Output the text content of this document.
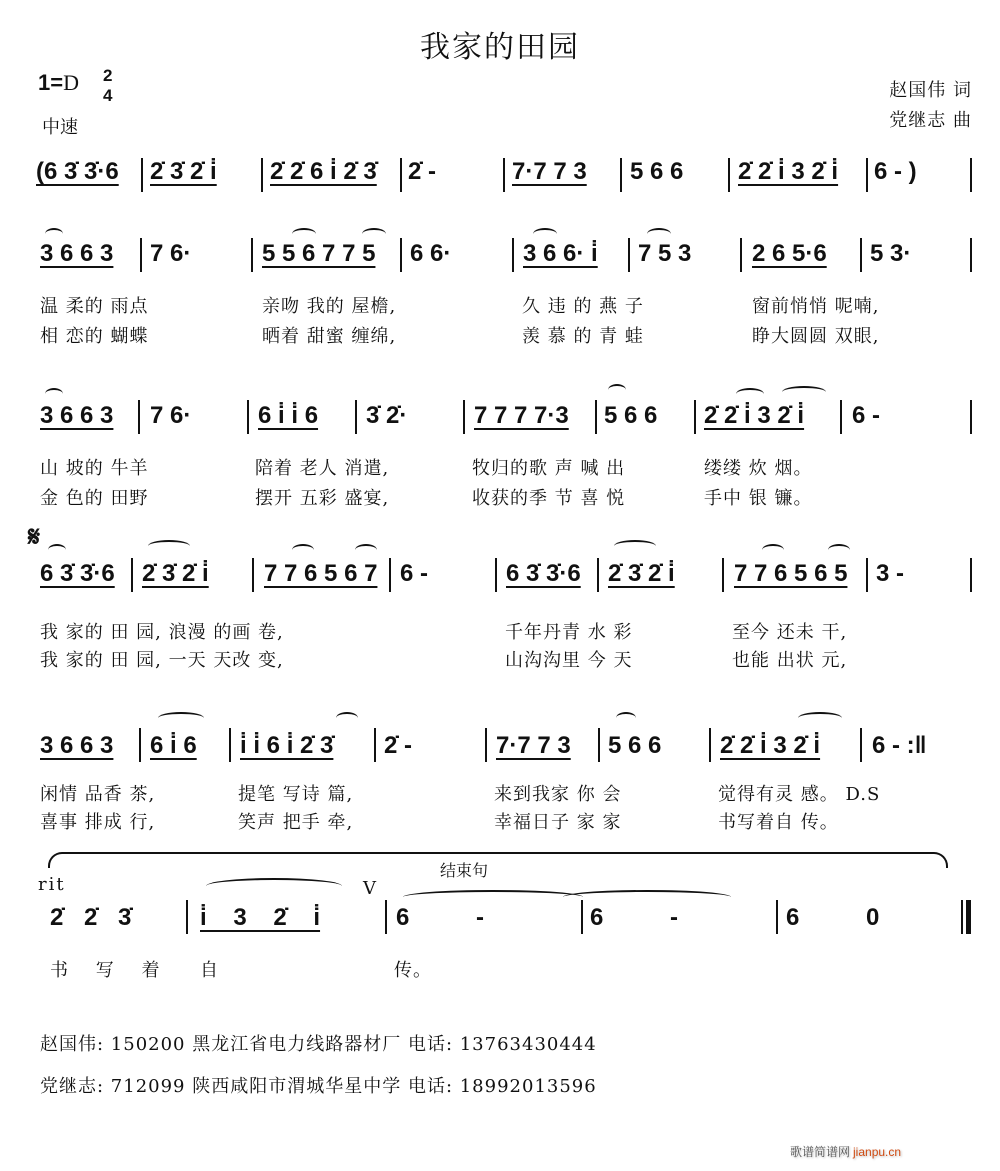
我家的田园
1=D 2
4
中速
赵国伟 词
党继志 曲
(6 3̇ 3̇·6 2̇ 3̇ 2̇ i̇ 2̇ 2̇ 6 i̇ 2̇ 3̇ 2̇ -	7·7 7 3 5 6 6 2̇ 2̇ i̇ 3 2̇ i̇ 6 - )
3 6 6 3 7 6·	5 5 6 7 7 5 6 6·	3 6 6· i̇ 7 5 3	2 6 5·6 5 3·
温 柔的 雨点	亲吻 我的 屋檐,	久 违 的 燕 子	窗前悄悄 呢喃,
相 恋的 蝴蝶	晒着 甜蜜 缠绵,	羡 慕 的 青 蛙	睁大圆圆 双眼,
3 6 6 3 7 6·	6 i̇ i̇ 6 3̇ 2̇·	7 7 7 7·3 5 6 6 2̇ 2̇ i̇ 3 2̇ i̇ 6 -
山 坡的 牛羊	陪着 老人 消遣,	牧归的歌 声 喊 出	缕缕 炊 烟。
金 色的 田野	摆开 五彩 盛宴,	收获的季 节 喜 悦	手中 银 镰。
𝄋
6 3̇ 3̇·6 2̇ 3̇ 2̇ i̇ 7 7 6 5 6 7 6 -	6 3̇ 3̇·6 2̇ 3̇ 2̇ i̇ 7 7 6 5 6 5 3 -
我 家的 田 园, 浪漫 的画 卷,	千年丹青 水 彩	至今 还未 干,
我 家的 田 园, 一天 天改 变,	山沟沟里 今 天	也能 出状 元,
3 6 6 3 6 i̇ 6 i̇ i̇ 6 i̇ 2̇ 3̇ 2̇ -	7·7 7 3 5 6 6 2̇ 2̇ i̇ 3 2̇ i̇ 6 - :‖
闲情 品香 茶,	提笔 写诗 篇,	来到我家 你 会	觉得有灵 感。 D.S
喜事 排成 行,	笑声 把手 牵,	幸福日子 家 家	书写着自 传。
结束句
rit	V
2̇ 2̇ 3̇	i̇ 3 2̇ i̇	6 -	6 -	6 0
书 写 着 自	传。
赵国伟: 150200 黑龙江省电力线路器材厂 电话: 13763430444
党继志: 712099 陕西咸阳市渭城华星中学 电话: 18992013596
歌谱简谱网 jianpu.cn
